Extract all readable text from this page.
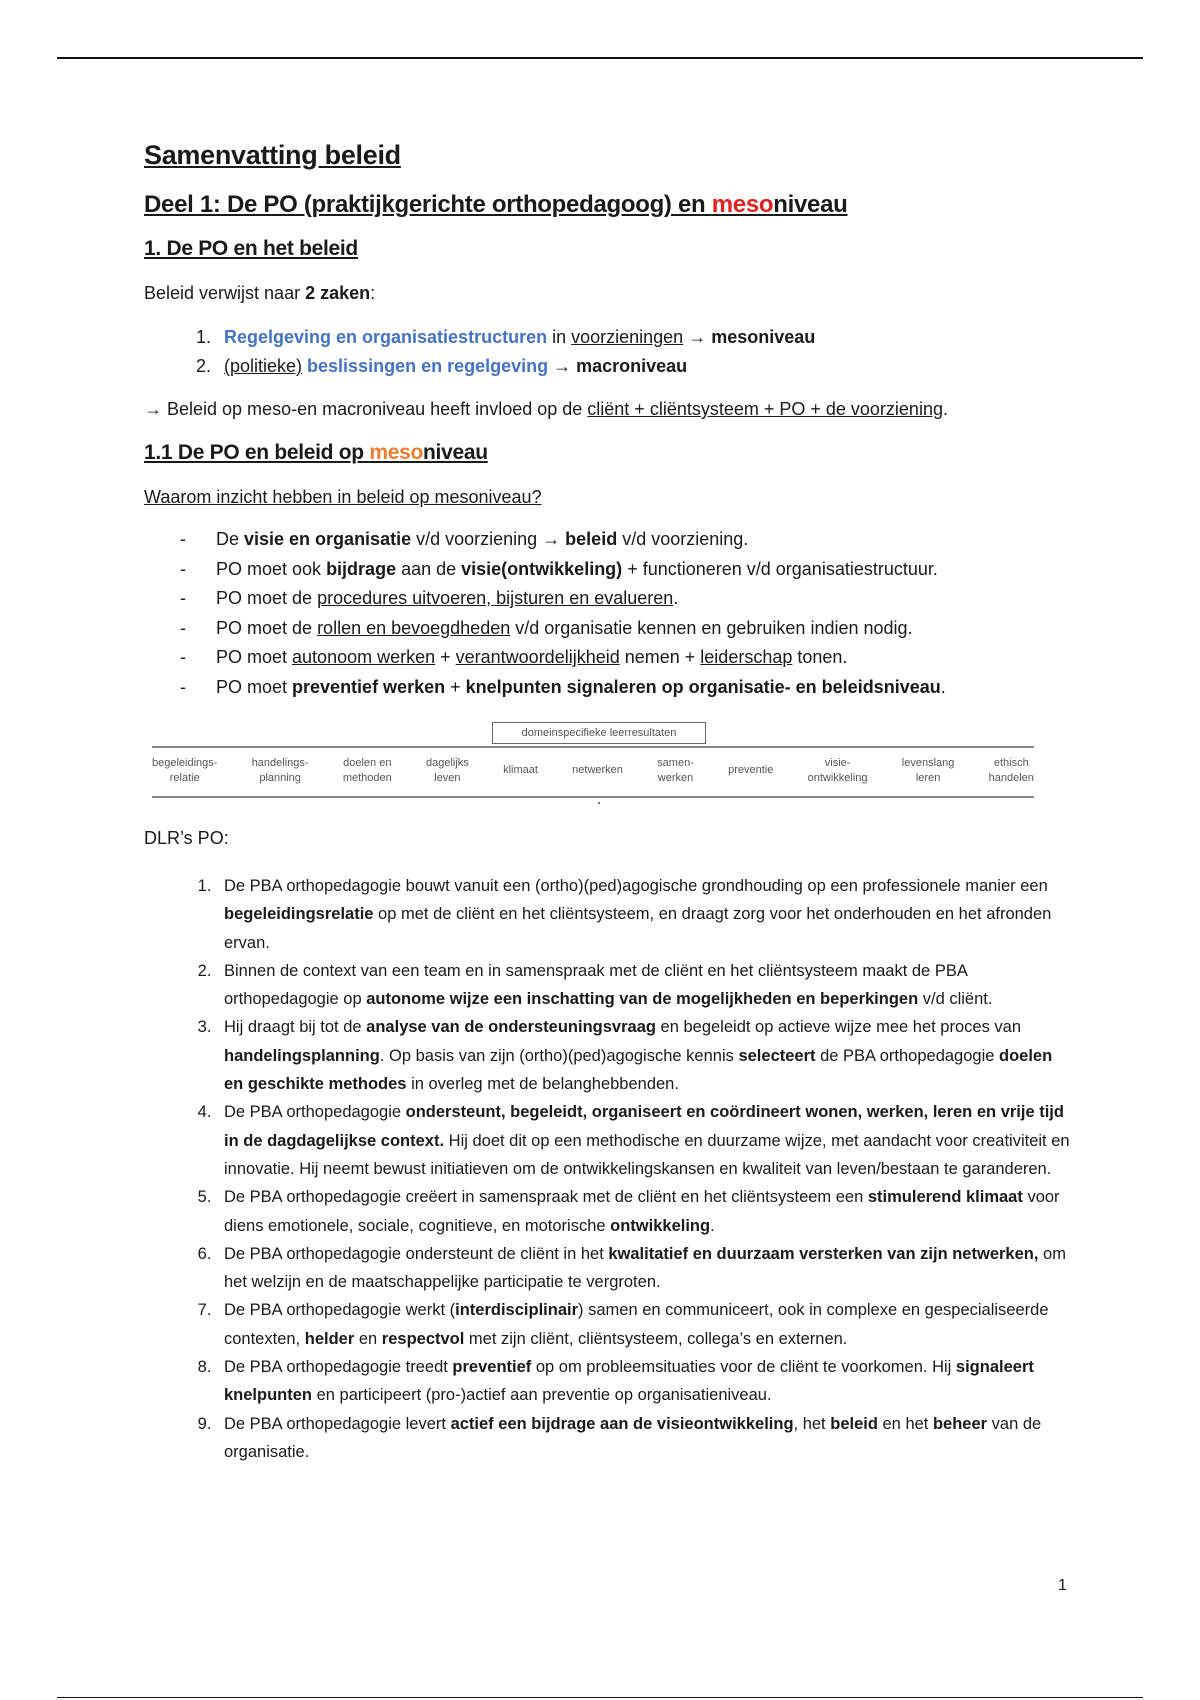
Samenvatting beleid
Deel 1: De PO (praktijkgerichte orthopedagoog) en mesoniveau
1. De PO en het beleid

Beleid verwijst naar 2 zaken:

1. Regelgeving en organisatiestructuren in voorzieningen → mesoniveau
2. (politieke) beslissingen en regelgeving → macroniveau

→ Beleid op meso-en macroniveau heeft invloed op de cliënt + cliëntsysteem + PO + de voorziening.

1.1 De PO en beleid op mesoniveau

Waarom inzicht hebben in beleid op mesoniveau?

- De visie en organisatie v/d voorziening → beleid v/d voorziening.
- PO moet ook bijdrage aan de visie(ontwikkeling) + functioneren v/d organisatiestructuur.
- PO moet de procedures uitvoeren, bijsturen en evalueren.
- PO moet de rollen en bevoegdheden v/d organisatie kennen en gebruiken indien nodig.
- PO moet autonoom werken + verantwoordelijkheid nemen + leiderschap tonen.
- PO moet preventief werken + knelpunten signaleren op organisatie- en beleidsniveau.
domeinspecifieke leerresultaten
begeleidings-
relatie
handelings-
planning
doelen en
methoden
dagelijks
leven
klimaat	netwerken
samen-
werken
preventie
visie-
ontwikkeling
levenslang
leren
ethisch
handelen

DLR’s PO:

1. De PBA orthopedagogie bouwt vanuit een (ortho)(ped)agogische grondhouding op een professionele manier een begeleidingsrelatie op met de cliënt en het cliëntsysteem, en draagt zorg voor het onderhouden en het afronden ervan.
2. Binnen de context van een team en in samenspraak met de cliënt en het cliëntsysteem maakt de PBA orthopedagogie op autonome wijze een inschatting van de mogelijkheden en beperkingen v/d cliënt.
3. Hij draagt bij tot de analyse van de ondersteuningsvraag en begeleidt op actieve wijze mee het proces van handelingsplanning. Op basis van zijn (ortho)(ped)agogische kennis selecteert de PBA orthopedagogie doelen en geschikte methodes in overleg met de belanghebbenden.
4. De PBA orthopedagogie ondersteunt, begeleidt, organiseert en coördineert wonen, werken, leren en vrije tijd in de dagdagelijkse context. Hij doet dit op een methodische en duurzame wijze, met aandacht voor creativiteit en innovatie. Hij neemt bewust initiatieven om de ontwikkelingskansen en kwaliteit van leven/bestaan te garanderen.
5. De PBA orthopedagogie creëert in samenspraak met de cliënt en het cliëntsysteem een stimulerend klimaat voor diens emotionele, sociale, cognitieve, en motorische ontwikkeling.
6. De PBA orthopedagogie ondersteunt de cliënt in het kwalitatief en duurzaam versterken van zijn netwerken, om het welzijn en de maatschappelijke participatie te vergroten.
7. De PBA orthopedagogie werkt (interdisciplinair) samen en communiceert, ook in complexe en gespecialiseerde contexten, helder en respectvol met zijn cliënt, cliëntsysteem, collega’s en externen.
8. De PBA orthopedagogie treedt preventief op om probleemsituaties voor de cliënt te voorkomen. Hij signaleert knelpunten en participeert (pro-)actief aan preventie op organisatieniveau.
9. De PBA orthopedagogie levert actief een bijdrage aan de visieontwikkeling, het beleid en het beheer van de organisatie.
1
